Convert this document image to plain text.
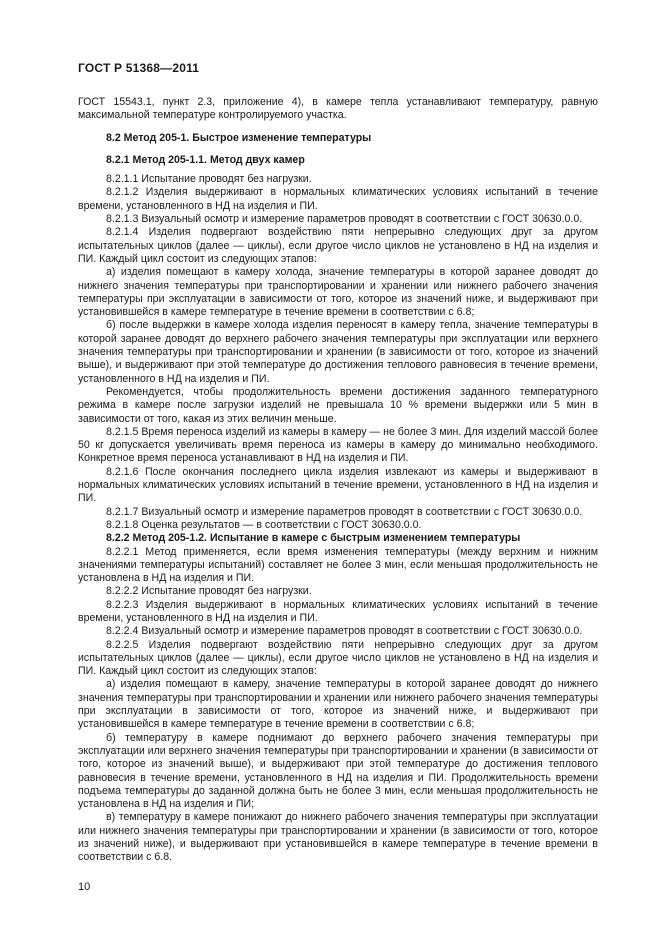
ГОСТ Р 51368—2011

ГОСТ 15543.1, пункт 2.3, приложение 4), в камере тепла устанавливают температуру, равную максимальной температуре контролируемого участка.

8.2 Метод 205-1. Быстрое изменение температуры

8.2.1 Метод 205-1.1. Метод двух камер

8.2.1.1 Испытание проводят без нагрузки.

8.2.1.2 Изделия выдерживают в нормальных климатических условиях испытаний в течение времени, установленного в НД на изделия и ПИ.

8.2.1.3 Визуальный осмотр и измерение параметров проводят в соответствии с ГОСТ 30630.0.0.

8.2.1.4 Изделия подвергают воздействию пяти непрерывно следующих друг за другом испытательных циклов (далее — циклы), если другое число циклов не установлено в НД на изделия и ПИ. Каждый цикл состоит из следующих этапов:

а) изделия помещают в камеру холода, значение температуры в которой заранее доводят до нижнего значения температуры при транспортировании и хранении или нижнего рабочего значения температуры при эксплуатации в зависимости от того, которое из значений ниже, и выдерживают при установившейся в камере температуре в течение времени в соответствии с 6.8;

б) после выдержки в камере холода изделия переносят в камеру тепла, значение температуры в которой заранее доводят до верхнего рабочего значения температуры при эксплуатации или верхнего значения температуры при транспортировании и хранении (в зависимости от того, которое из значений выше), и выдерживают при этой температуре до достижения теплового равновесия в течение времени, установленного в НД на изделия и ПИ.

Рекомендуется, чтобы продолжительность времени достижения заданного температурного режима в камере после загрузки изделий не превышала 10 % времени выдержки или 5 мин в зависимости от того, какая из этих величин меньше.

8.2.1.5 Время переноса изделий из камеры в камеру — не более 3 мин. Для изделий массой более 50 кг допускается увеличивать время переноса из камеры в камеру до минимально необходимого. Конкретное время переноса устанавливают в НД на изделия и ПИ.

8.2.1.6 После окончания последнего цикла изделия извлекают из камеры и выдерживают в нормальных климатических условиях испытаний в течение времени, установленного в НД на изделия и ПИ.

8.2.1.7 Визуальный осмотр и измерение параметров проводят в соответствии с ГОСТ 30630.0.0.

8.2.1.8 Оценка результатов — в соответствии с ГОСТ 30630.0.0.

8.2.2 Метод 205-1.2. Испытание в камере с быстрым изменением температуры

8.2.2.1 Метод применяется, если время изменения температуры (между верхним и нижним значениями температуры испытаний) составляет не более 3 мин, если меньшая продолжительность не установлена в НД на изделия и ПИ.

8.2.2.2 Испытание проводят без нагрузки.

8.2.2.3 Изделия выдерживают в нормальных климатических условиях испытаний в течение времени, установленного в НД на изделия и ПИ.

8.2.2.4 Визуальный осмотр и измерение параметров проводят в соответствии с ГОСТ 30630.0.0.

8.2.2.5 Изделия подвергают воздействию пяти непрерывно следующих друг за другом испытательных циклов (далее — циклы), если другое число циклов не установлено в НД на изделия и ПИ. Каждый цикл состоит из следующих этапов:

а) изделия помещают в камеру, значение температуры в которой заранее доводят до нижнего значения температуры при транспортировании и хранении или нижнего рабочего значения температуры при эксплуатации в зависимости от того, которое из значений ниже, и выдерживают при установившейся в камере температуре в течение времени в соответствии с 6.8;

б) температуру в камере поднимают до верхнего рабочего значения температуры при эксплуатации или верхнего значения температуры при транспортировании и хранении (в зависимости от того, которое из значений выше), и выдерживают при этой температуре до достижения теплового равновесия в течение времени, установленного в НД на изделия и ПИ. Продолжительность времени подъема температуры до заданной должна быть не более 3 мин, если меньшая продолжительность не установлена в НД на изделия и ПИ;

в) температуру в камере понижают до нижнего рабочего значения температуры при эксплуатации или нижнего значения температуры при транспортировании и хранении (в зависимости от того, которое из значений ниже), и выдерживают при установившейся в камере температуре в течение времени в соответствии с 6.8.

10
